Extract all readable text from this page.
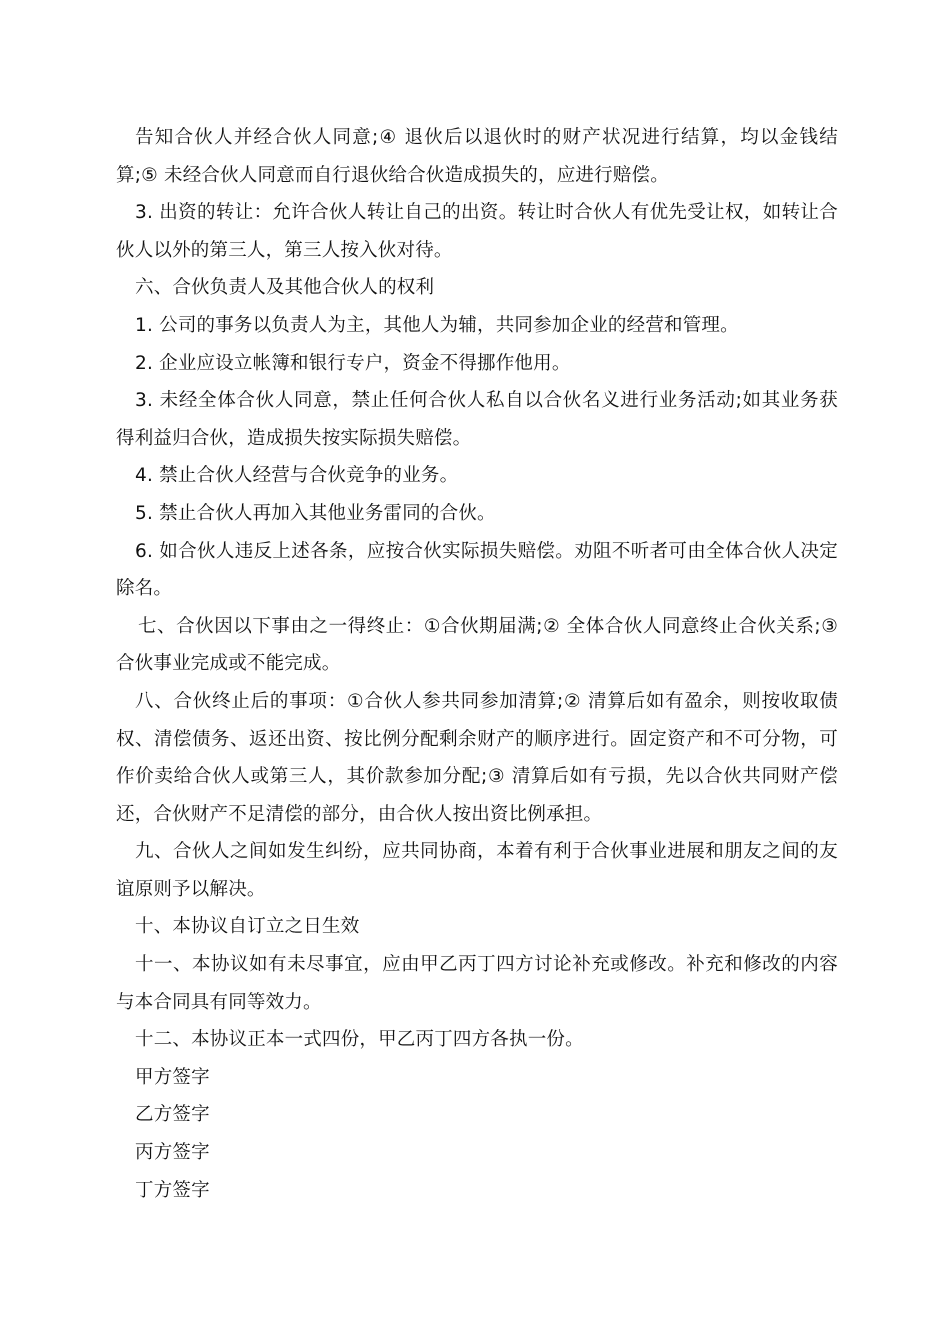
告知合伙人并经合伙人同意;④ 退伙后以退伙时的财产状况进行结算，均以金钱结算;⑤ 未经合伙人同意而自行退伙给合伙造成损失的，应进行赔偿。

3. 出资的转让：允许合伙人转让自己的出资。转让时合伙人有优先受让权，如转让合伙人以外的第三人，第三人按入伙对待。

六、合伙负责人及其他合伙人的权利

1. 公司的事务以负责人为主，其他人为辅，共同参加企业的经营和管理。

2. 企业应设立帐簿和银行专户，资金不得挪作他用。

3. 未经全体合伙人同意，禁止任何合伙人私自以合伙名义进行业务活动;如其业务获得利益归合伙，造成损失按实际损失赔偿。

4. 禁止合伙人经营与合伙竞争的业务。

5. 禁止合伙人再加入其他业务雷同的合伙。

6. 如合伙人违反上述各条，应按合伙实际损失赔偿。劝阻不听者可由全体合伙人决定除名。

七、合伙因以下事由之一得终止：①合伙期届满;② 全体合伙人同意终止合伙关系;③ 合伙事业完成或不能完成。

八、合伙终止后的事项：①合伙人参共同参加清算;② 清算后如有盈余，则按收取债权、清偿债务、返还出资、按比例分配剩余财产的顺序进行。固定资产和不可分物，可作价卖给合伙人或第三人，其价款参加分配;③ 清算后如有亏损，先以合伙共同财产偿还，合伙财产不足清偿的部分，由合伙人按出资比例承担。

九、合伙人之间如发生纠纷，应共同协商，本着有利于合伙事业进展和朋友之间的友谊原则予以解决。

十、本协议自订立之日生效

十一、本协议如有未尽事宜，应由甲乙丙丁四方讨论补充或修改。补充和修改的内容与本合同具有同等效力。

十二、本协议正本一式四份，甲乙丙丁四方各执一份。

甲方签字

乙方签字

丙方签字

丁方签字
